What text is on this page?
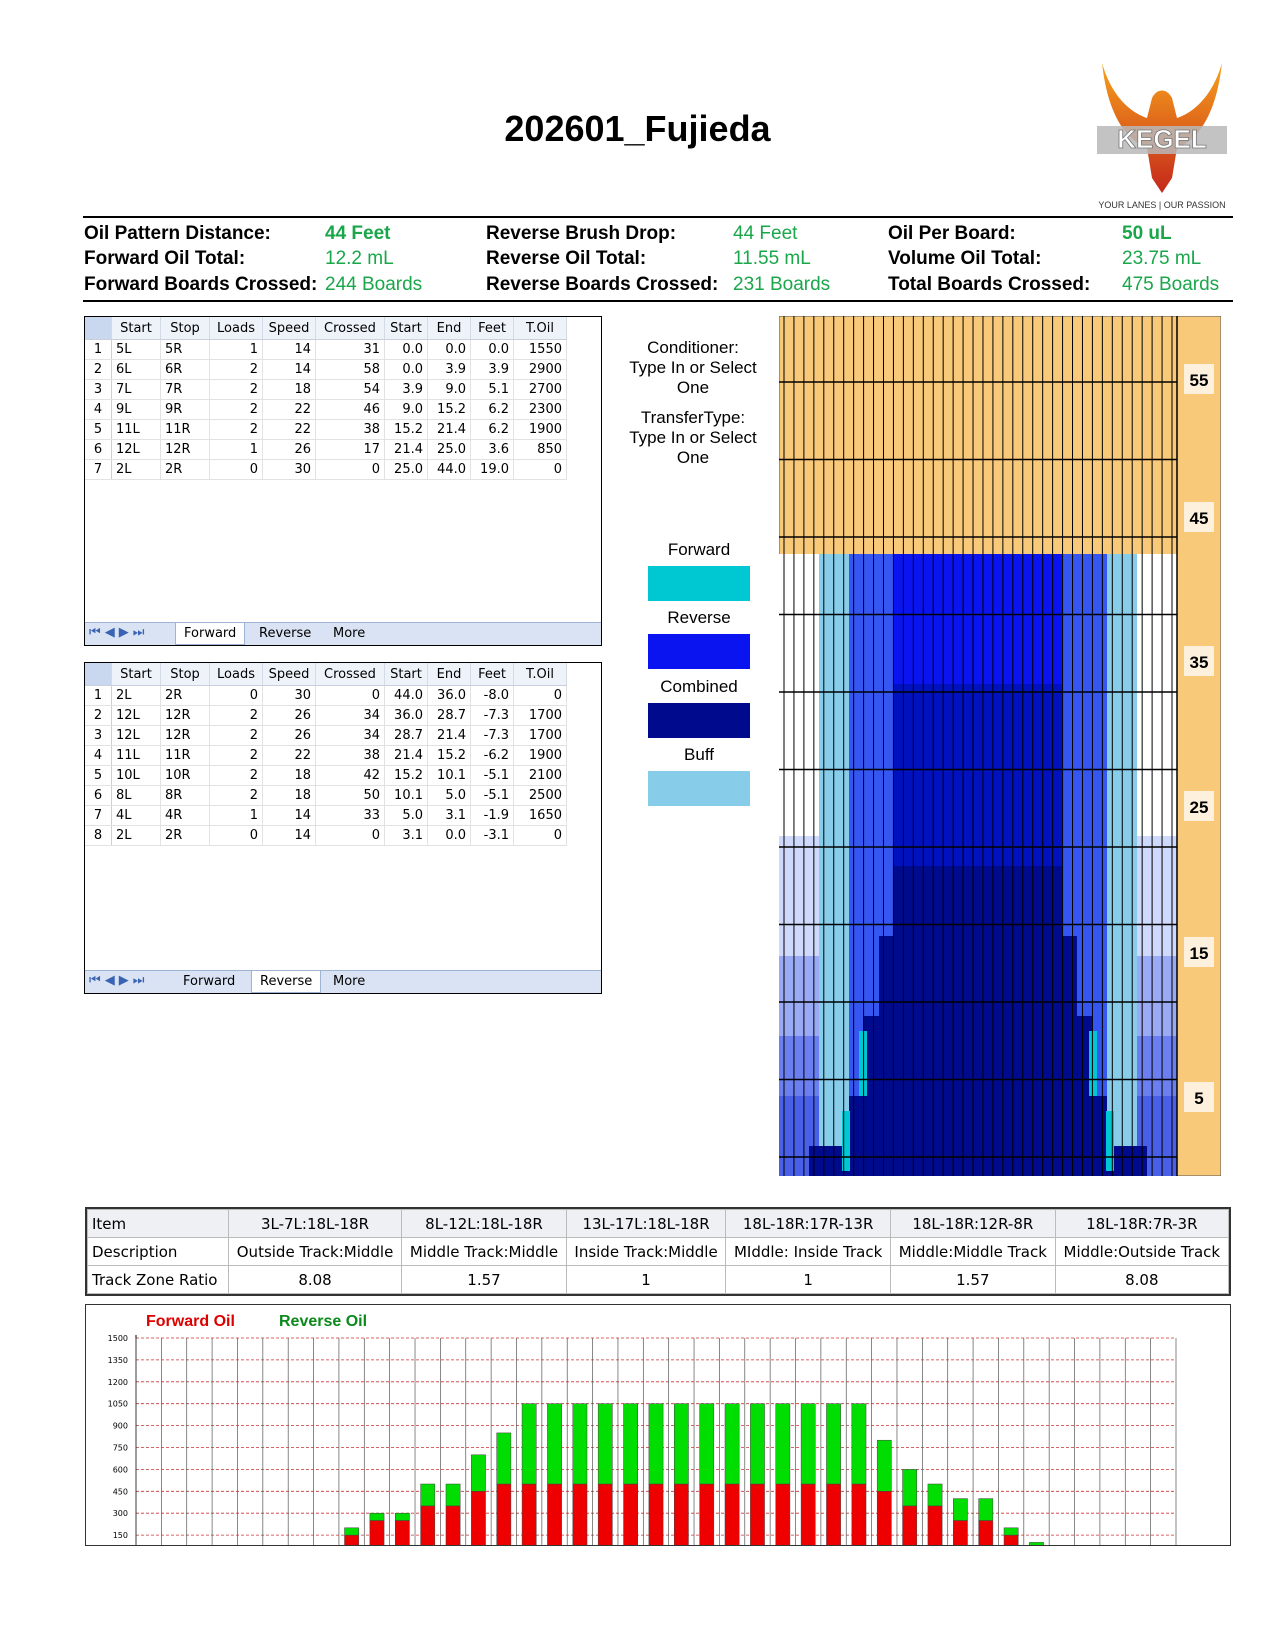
202601_Fujieda	KEGEL
YOUR LANES | OUR PASSION
Oil Pattern Distance:	44 Feet
Forward Oil Total:	12.2 mL
Forward Boards Crossed: 244 Boards
Reverse Brush Drop:	44 Feet
Reverse Oil Total:	11.55 mL
Reverse Boards Crossed: 231 Boards
Oil Per Board:	50 uL
Volume Oil Total:	23.75 mL
Total Boards Crossed: 475 Boards
	Start	Stop	Loads	Speed	Crossed	Start	End	Feet	T.Oil
1	5L	5R	1	14	31	0.0	0.0	0.0	1550
2	6L	6R	2	14	58	0.0	3.9	3.9	2900
3	7L	7R	2	18	54	3.9	9.0	5.1	2700
4	9L	9R	2	22	46	9.0	15.2	6.2	2300
5	11L	11R	2	22	38	15.2	21.4	6.2	1900
6	12L	12R	1	26	17	21.4	25.0	3.6	850
7	2L	2R	0	30	0	25.0	44.0	19.0	0
⏮◀▶⏭	Forward	Reverse	More
	Start	Stop	Loads	Speed	Crossed	Start	End	Feet	T.Oil
1	2L	2R	0	30	0	44.0	36.0	-8.0	0
2	12L	12R	2	26	34	36.0	28.7	-7.3	1700
3	12L	12R	2	26	34	28.7	21.4	-7.3	1700
4	11L	11R	2	22	38	21.4	15.2	-6.2	1900
5	10L	10R	2	18	42	15.2	10.1	-5.1	2100
6	8L	8R	2	18	50	10.1	5.0	-5.1	2500
7	4L	4R	1	14	33	5.0	3.1	-1.9	1650
8	2L	2R	0	14	0	3.1	0.0	-3.1	0
⏮◀▶⏭	Forward	Reverse	More
Conditioner:
Type In or Select One
TransferType:
Type In or Select One
Forward
Reverse
Combined
Buff
55
45
35
25
15
5
Item	3L-7L:18L-18R	8L-12L:18L-18R	13L-17L:18L-18R	18L-18R:17R-13R	18L-18R:12R-8R	18L-18R:7R-3R
Description	Outside Track:Middle	Middle Track:Middle	Inside Track:Middle	MIddle: Inside Track	Middle:Middle Track	Middle:Outside Track
Track Zone Ratio	8.08	1.57	1	1	1.57	8.08
Forward Oil	Reverse Oil
1500
1350
1200
1050
900
750
600
450
300
150
